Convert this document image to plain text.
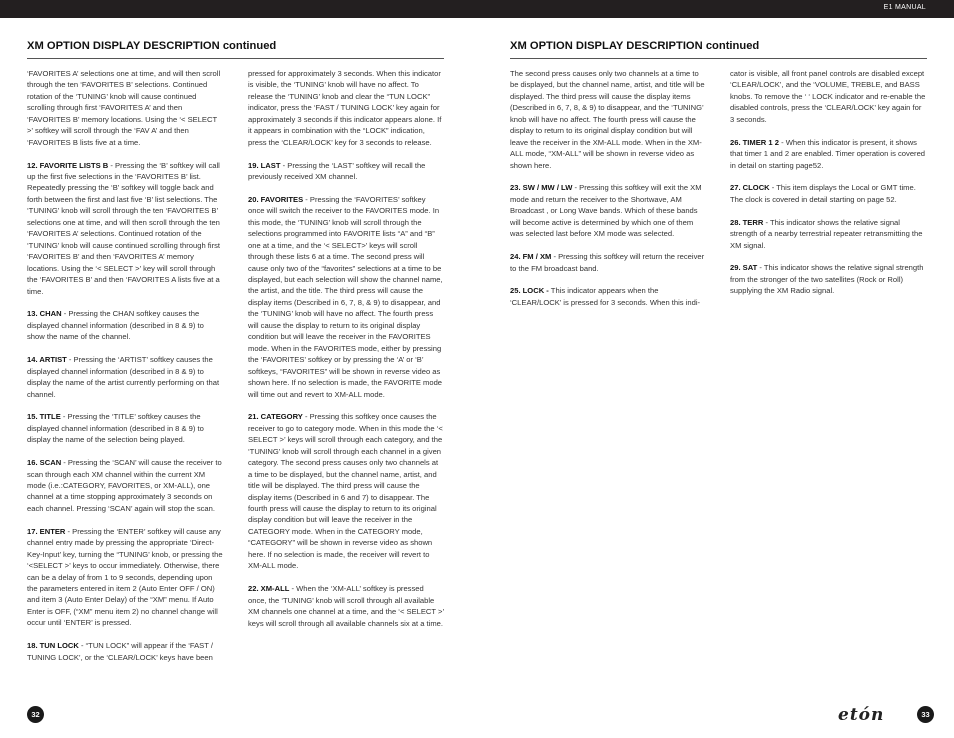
E1 MANUAL
XM OPTION DISPLAY DESCRIPTION continued	XM OPTION DISPLAY DESCRIPTION continued

‘FAVORITES A’ selections one at time, and will then scroll through the ten ‘FAVORITES B’ selections. Continued rotation of the ‘TUNING’ knob will cause continued scrolling through first ‘FAVORITES A’ and then ‘FAVORITES B’ memory locations. Using the ‘< SELECT >’ softkey will scroll through the ‘FAV A’ and then ‘FAVORITES B lists five at a time.

12. FAVORITE LISTS B - Pressing the ‘B’ softkey will call up the first five selections in the ‘FAVORITES B’ list. Repeatedly pressing the ‘B’ softkey will toggle back and forth between the first and last five ‘B’ list selections. The ‘TUNING’ knob will scroll through the ten ‘FAVORITES B’ selections one at time, and will then scroll through the ten ‘FAVORITES A’ selections. Continued rotation of the ‘TUNING’ knob will cause continued scrolling through first ‘FAVORITES B’ and then ‘FAVORITES A’ memory locations. Using the ‘< SELECT >’ key will scroll through the ‘FAVORITES B’ and then ‘FAVORITES A lists five at a time.

13. CHAN - Pressing the CHAN softkey causes the displayed channel information (described in 8 & 9) to show the name of the channel.

14. ARTIST - Pressing the ‘ARTIST’ softkey causes the displayed channel information (described in 8 & 9) to display the name of the artist currently performing on that channel.

15. TITLE - Pressing the ‘TITLE’ softkey causes the displayed channel information (described in 8 & 9) to display the name of the selection being played.

16. SCAN - Pressing the ‘SCAN’ will cause the receiver to scan through each XM channel within the current XM mode (i.e.:CATEGORY, FAVORITES, or XM-ALL), one channel at a time stopping approximately 3 seconds on each channel. Pressing ‘SCAN’ again will stop the scan.

17. ENTER - Pressing the ‘ENTER’ softkey will cause any channel entry made by pressing the appropriate ‘Direct-Key-Input’ key, turning the “TUNING’ knob, or pressing the ‘<SELECT >’ keys to occur immediately. Otherwise, there can be a delay of from 1 to 9 seconds, depending upon the parameters entered in item 2 (Auto Enter OFF / ON) and item 3 (Auto Enter Delay) of the “XM” menu. If Auto Enter is OFF, (“XM” menu item 2) no channel change will occur until ‘ENTER’ is pressed.

18. TUN LOCK - “TUN LOCK” will appear if the ‘FAST / TUNING LOCK’, or the ‘CLEAR/LOCK’ keys have been

pressed for approximately 3 seconds. When this indicator is visible, the ‘TUNING’ knob will have no affect. To release the ‘TUNING’ knob and clear the “TUN LOCK” indicator, press the ‘FAST / TUNING LOCK’ key again for approximately 3 seconds if this indicator appears alone. If it appears in combination with the “LOCK” indication, press the ‘CLEAR/LOCK’ key for 3 seconds to release.

19. LAST - Pressing the ‘LAST’ softkey will recall the previously received XM channel.

20. FAVORITES - Pressing the ‘FAVORITES’ softkey once will switch the receiver to the FAVORITES mode. In this mode, the ‘TUNING’ knob will scroll through the selections programmed into FAVORITE lists “A” and “B” one at a time, and the ‘< SELECT>’ keys will scroll through these lists 6 at a time. The second press will cause only two of the “favorites” selections at a time to be displayed, but each selection will show the channel name, the artist, and the title. The third press will cause the display items (Described in 6, 7, 8, & 9) to disappear, and the ‘TUNING’ knob will have no affect. The fourth press will cause the display to return to its original display condition but will leave the receiver in the FAVORITES mode. When in the FAVORITES mode, either by pressing the ‘FAVORITES’ softkey or by pressing the ‘A’ or ‘B’ softkeys, “FAVORITES” will be shown in reverse video as shown here. If no selection is made, the FAVORITE mode will time out and revert to XM-ALL mode.

21. CATEGORY - Pressing this softkey once causes the receiver to go to category mode. When in this mode the ‘< SELECT >’ keys will scroll through each category, and the ‘TUNING’ knob will scroll through each channel in a given category. The second press causes only two channels at a time to be displayed, but the channel name, artist, and title will be displayed. The third press will cause the display items (Described in 6 and 7) to disappear. The fourth press will cause the display to return to its original display condition but will leave the receiver in the CATEGORY mode. When in the CATEGORY mode, “CATEGORY” will be shown in reverse video as shown here. If no selection is made, the receiver will revert to XM-ALL mode.

22. XM-ALL - When the ‘XM-ALL’ softkey is pressed once, the ‘TUNING’ knob will scroll through all available XM channels one channel at a time, and the ‘< SELECT >’ keys will scroll through all available channels six at a time.

The second press causes only two channels at a time to be displayed, but the channel name, artist, and title will be displayed. The third press will cause the display items (Described in 6, 7, 8, & 9) to disappear, and the ‘TUNING’ knob will have no affect. The fourth press will cause the display to return to its original display condition but will leave the receiver in the XM-ALL mode. When in the XM-ALL mode, “XM-ALL” will be shown in reverse video as shown here.

23. SW / MW / LW - Pressing this softkey will exit the XM mode and return the receiver to the Shortwave, AM Broadcast , or Long Wave bands. Which of these bands will become active is determined by which one of them was selected last before XM mode was selected.

24. FM / XM - Pressing this softkey will return the receiver to the FM broadcast band.

25. LOCK - This indicator appears when the ‘CLEAR/LOCK’ is pressed for 3 seconds. When this indi-

cator is visible, all front panel controls are disabled except ‘CLEAR/LOCK’, and the ‘VOLUME, TREBLE, and BASS knobs. To remove the ‘ ‘ LOCK indicator and re-enable the disabled controls, press the ‘CLEAR/LOCK’ key again for 3 seconds.

26. TIMER 1 2 - When this indicator is present, it shows that timer 1 and 2 are enabled. Timer operation is covered in detail on starting page52.

27. CLOCK - This item displays the Local or GMT time. The clock is covered in detail starting on page 52.

28. TERR - This indicator shows the relative signal strength of a nearby terrestrial repeater retransmitting the XM signal.

29. SAT - This indicator shows the relative signal strength from the stronger of the two satellites (Rock or Roll) supplying the XM Radio signal.

32	etón	33
